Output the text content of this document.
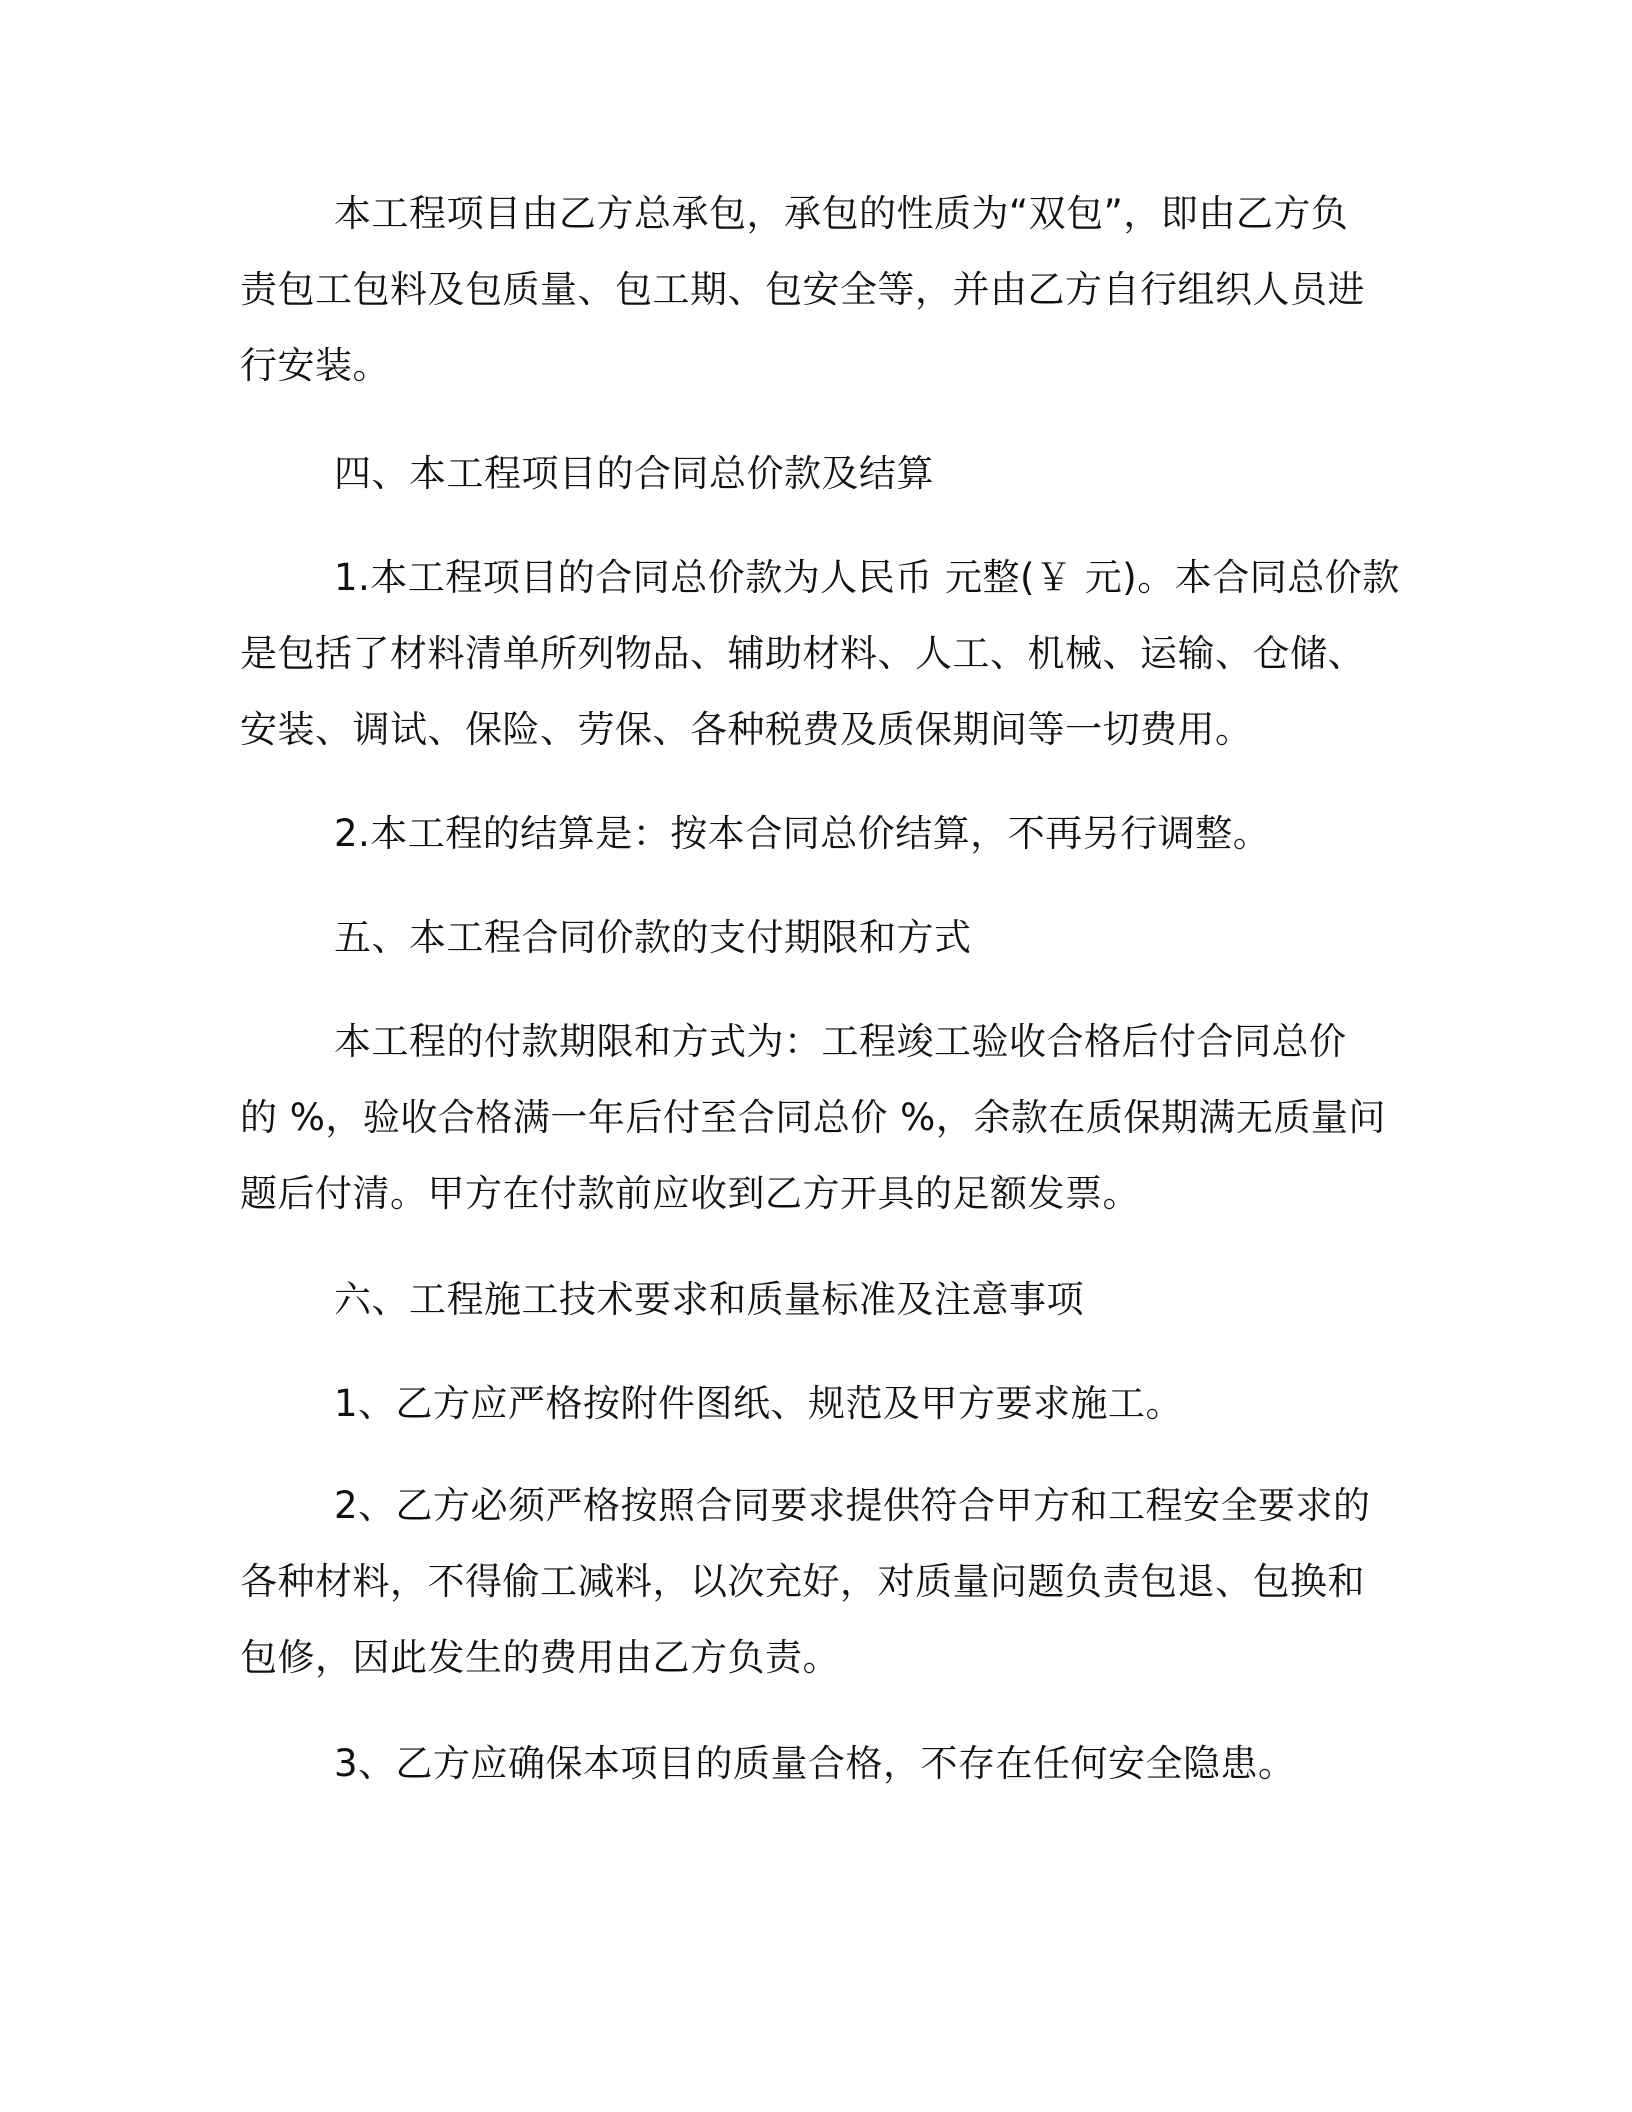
本工程项目由乙方总承包，承包的性质为“双包”，即由乙方负
责包工包料及包质量、包工期、包安全等，并由乙方自行组织人员进
行安装。
四、本工程项目的合同总价款及结算
1.本工程项目的合同总价款为人民币 元整(￥ 元)。本合同总价款
是包括了材料清单所列物品、辅助材料、人工、机械、运输、仓储、
安装、调试、保险、劳保、各种税费及质保期间等一切费用。
2.本工程的结算是：按本合同总价结算，不再另行调整。
五、本工程合同价款的支付期限和方式
本工程的付款期限和方式为：工程竣工验收合格后付合同总价
的 %，验收合格满一年后付至合同总价 %，余款在质保期满无质量问
题后付清。甲方在付款前应收到乙方开具的足额发票。
六、工程施工技术要求和质量标准及注意事项
1、乙方应严格按附件图纸、规范及甲方要求施工。
2、乙方必须严格按照合同要求提供符合甲方和工程安全要求的
各种材料，不得偷工减料，以次充好，对质量问题负责包退、包换和
包修，因此发生的费用由乙方负责。
3、乙方应确保本项目的质量合格，不存在任何安全隐患。
